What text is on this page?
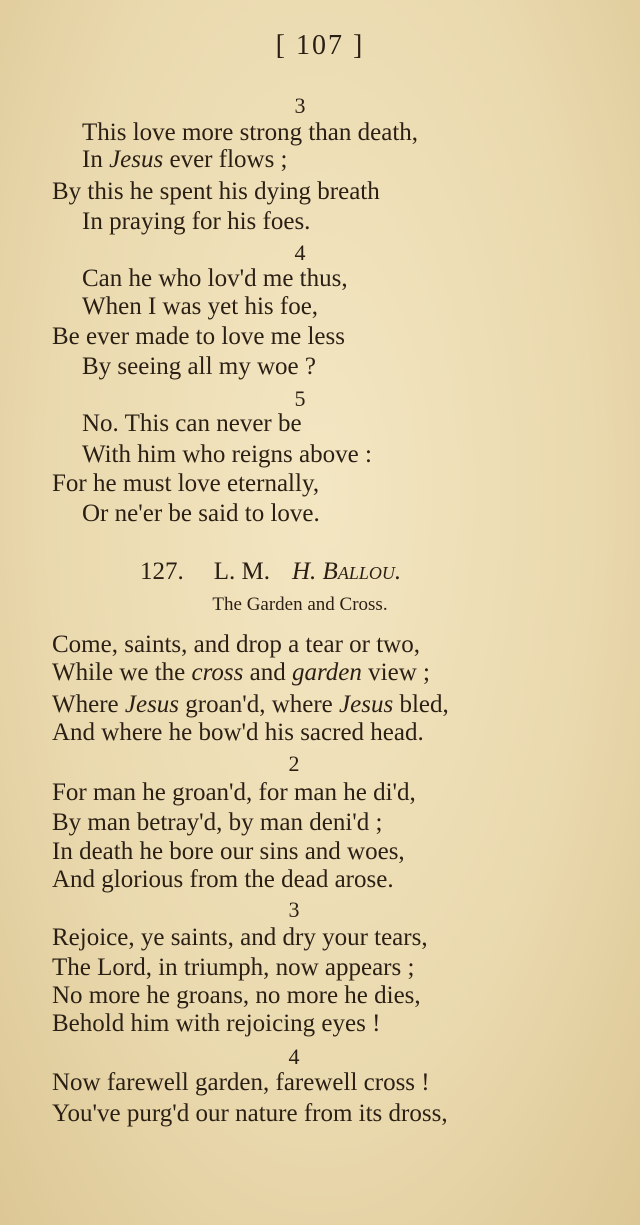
[ 107 ]
3
This love more strong than death,
In Jesus ever flows ;
By this he spent his dying breath
In praying for his foes.
4
Can he who lov'd me thus,
When I was yet his foe,
Be ever made to love me less
By seeing all my woe ?
5
No. This can never be
With him who reigns above :
For he must love eternally,
Or ne'er be said to love.
127. L. M. H. Ballou.
The Garden and Cross.
Come, saints, and drop a tear or two,
While we the cross and garden view ;
Where Jesus groan'd, where Jesus bled,
And where he bow'd his sacred head.
2
For man he groan'd, for man he di'd,
By man betray'd, by man deni'd ;
In death he bore our sins and woes,
And glorious from the dead arose.
3
Rejoice, ye saints, and dry your tears,
The Lord, in triumph, now appears ;
No more he groans, no more he dies,
Behold him with rejoicing eyes !
4
Now farewell garden, farewell cross !
You've purg'd our nature from its dross,
